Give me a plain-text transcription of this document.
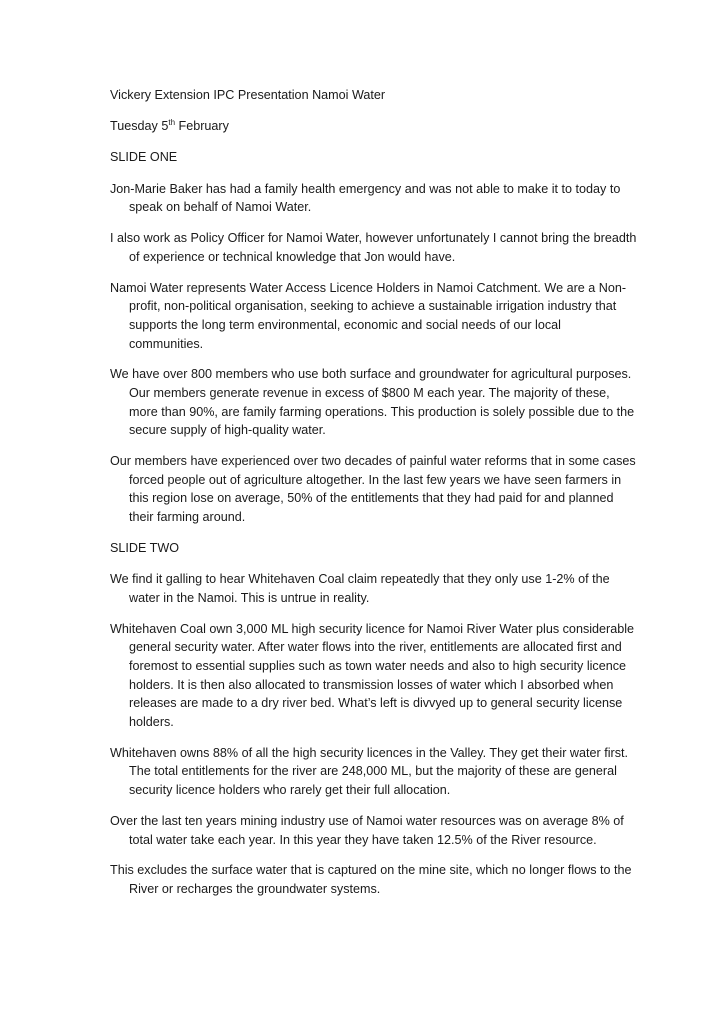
Vickery Extension IPC Presentation Namoi Water

Tuesday 5th February

SLIDE ONE

Jon-Marie Baker has had a family health emergency and was not able to make it to today to speak on behalf of Namoi Water.

I also work as Policy Officer for Namoi Water, however unfortunately I cannot bring the breadth of experience or technical knowledge that Jon would have.

Namoi Water represents Water Access Licence Holders in Namoi Catchment. We are a Non-profit, non-political organisation, seeking to achieve a sustainable irrigation industry that supports the long term environmental, economic and social needs of our local communities.

We have over 800 members who use both surface and groundwater for agricultural purposes. Our members generate revenue in excess of $800 M each year. The majority of these, more than 90%, are family farming operations. This production is solely possible due to the secure supply of high-quality water.

Our members have experienced over two decades of painful water reforms that in some cases forced people out of agriculture altogether. In the last few years we have seen farmers in this region lose on average, 50% of the entitlements that they had paid for and planned their farming around.

SLIDE TWO

We find it galling to hear Whitehaven Coal claim repeatedly that they only use 1-2% of the water in the Namoi. This is untrue in reality.

Whitehaven Coal own 3,000 ML high security licence for Namoi River Water plus considerable general security water. After water flows into the river, entitlements are allocated first and foremost to essential supplies such as town water needs and also to high security licence holders. It is then also allocated to transmission losses of water which I absorbed when releases are made to a dry river bed. What’s left is divvyed up to general security license holders.

Whitehaven owns 88% of all the high security licences in the Valley. They get their water first. The total entitlements for the river are 248,000 ML, but the majority of these are general security licence holders who rarely get their full allocation.

Over the last ten years mining industry use of Namoi water resources was on average 8% of total water take each year. In this year they have taken 12.5% of the River resource.

This excludes the surface water that is captured on the mine site, which no longer flows to the River or recharges the groundwater systems.
